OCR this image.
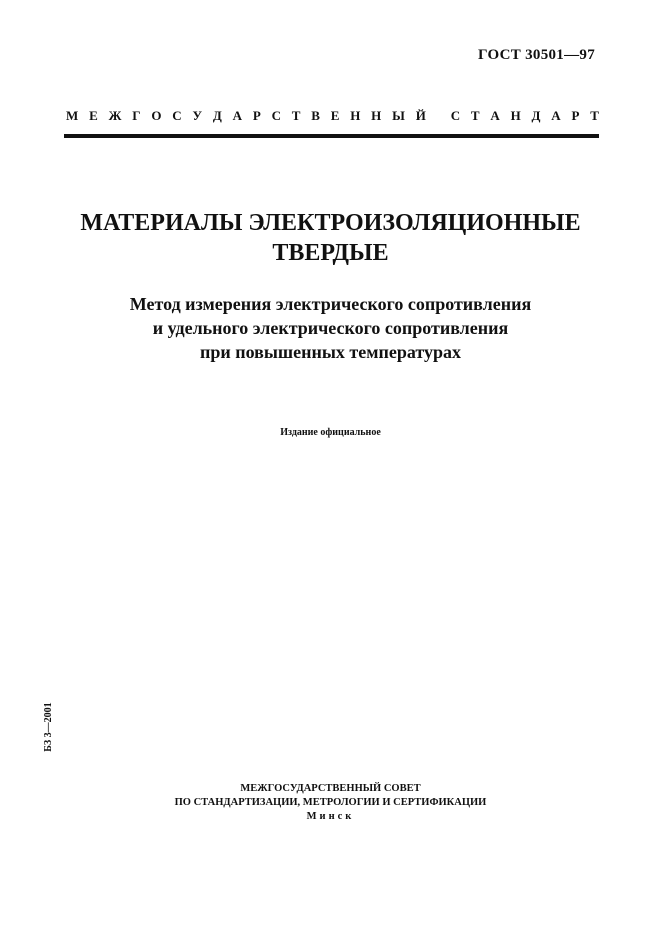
ГОСТ 30501—97
М Е Ж Г О С У Д А Р С Т В Е Н Н Ы Й
С Т А Н Д А Р Т
МАТЕРИАЛЫ ЭЛЕКТРОИЗОЛЯЦИОННЫЕ
ТВЕРДЫЕ
Метод измерения электрического сопротивления
и удельного электрического сопротивления
при повышенных температурах
Издание официальное
БЗ 3—2001
МЕЖГОСУДАРСТВЕННЫЙ СОВЕТ
ПО СТАНДАРТИЗАЦИИ, МЕТРОЛОГИИ И СЕРТИФИКАЦИИ
Минск
